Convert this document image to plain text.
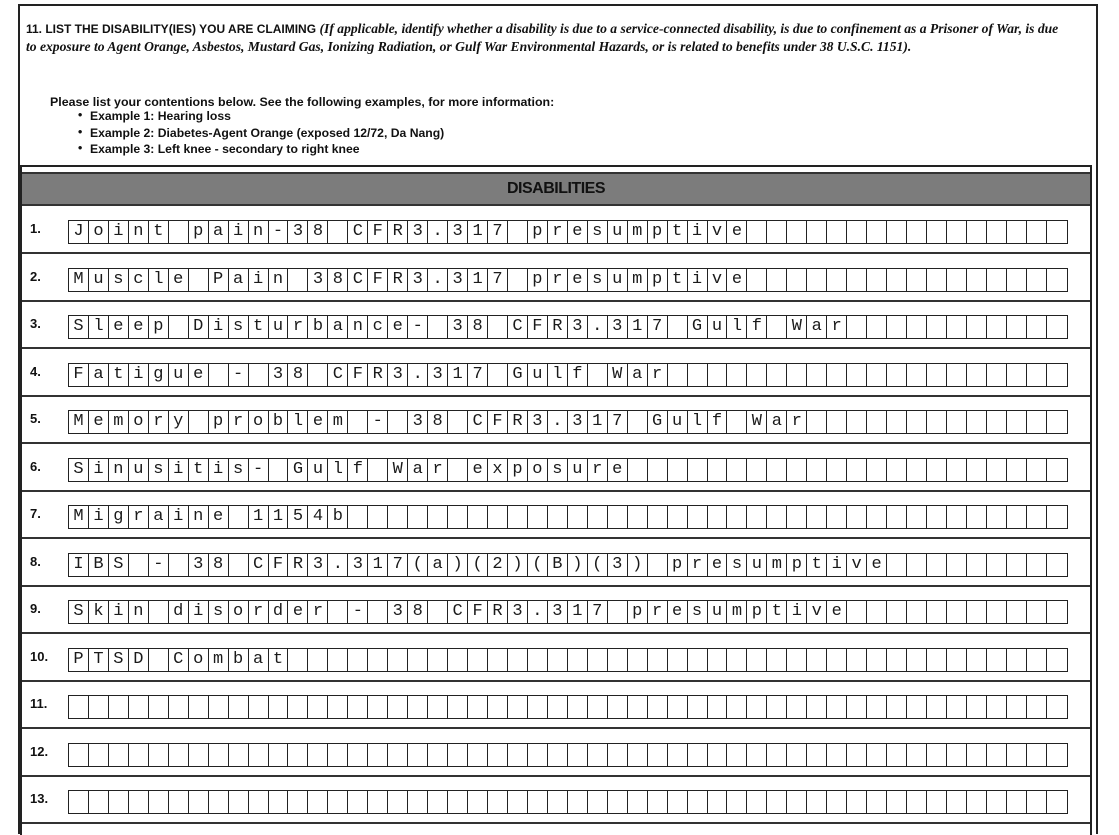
11. LIST THE DISABILITY(IES) YOU ARE CLAIMING (If applicable, identify whether a disability is due to a service-connected disability, is due to confinement as a Prisoner of War, is due to exposure to Agent Orange, Asbestos, Mustard Gas, Ionizing Radiation, or Gulf War Environmental Hazards, or is related to benefits under 38 U.S.C. 1151).
Please list your contentions below. See the following examples, for more information:
• Example 1: Hearing loss
• Example 2: Diabetes-Agent Orange (exposed 12/72, Da Nang)
• Example 3: Left knee - secondary to right knee
DISABILITIES
1.	J o i n t	p a i n - 3 8	C F R 3 . 3 1 7	p r e s u m p t i v e
2.	M u s c l e	P a i n	3 8 C F R 3 . 3 1 7	p r e s u m p t i v e
3.	S l e e p	D i s t u r b a n c e -	3 8	C F R 3 . 3 1 7	G u l f	W a r
4.	F a t i g u e	-	3 8	C F R 3 . 3 1 7	G u l f	W a r
5.	M e m o r y	p r o b l e m	-	3 8	C F R 3 . 3 1 7	G u l f	W a r
6.	S i n u s i t i s -	G u l f	W a r	e x p o s u r e
7.	M i g r a i n e	1 1 5 4 b
8.	I B S	-	3 8	C F R 3 . 3 1 7 ( a ) ( 2 ) ( B ) ( 3 )	p r e s u m p t i v e
9.	S k i n	d i s o r d e r	-	3 8	C F R 3 . 3 1 7	p r e s u m p t i v e
10.	P T S D	C o m b a t
11.
12.
13.
